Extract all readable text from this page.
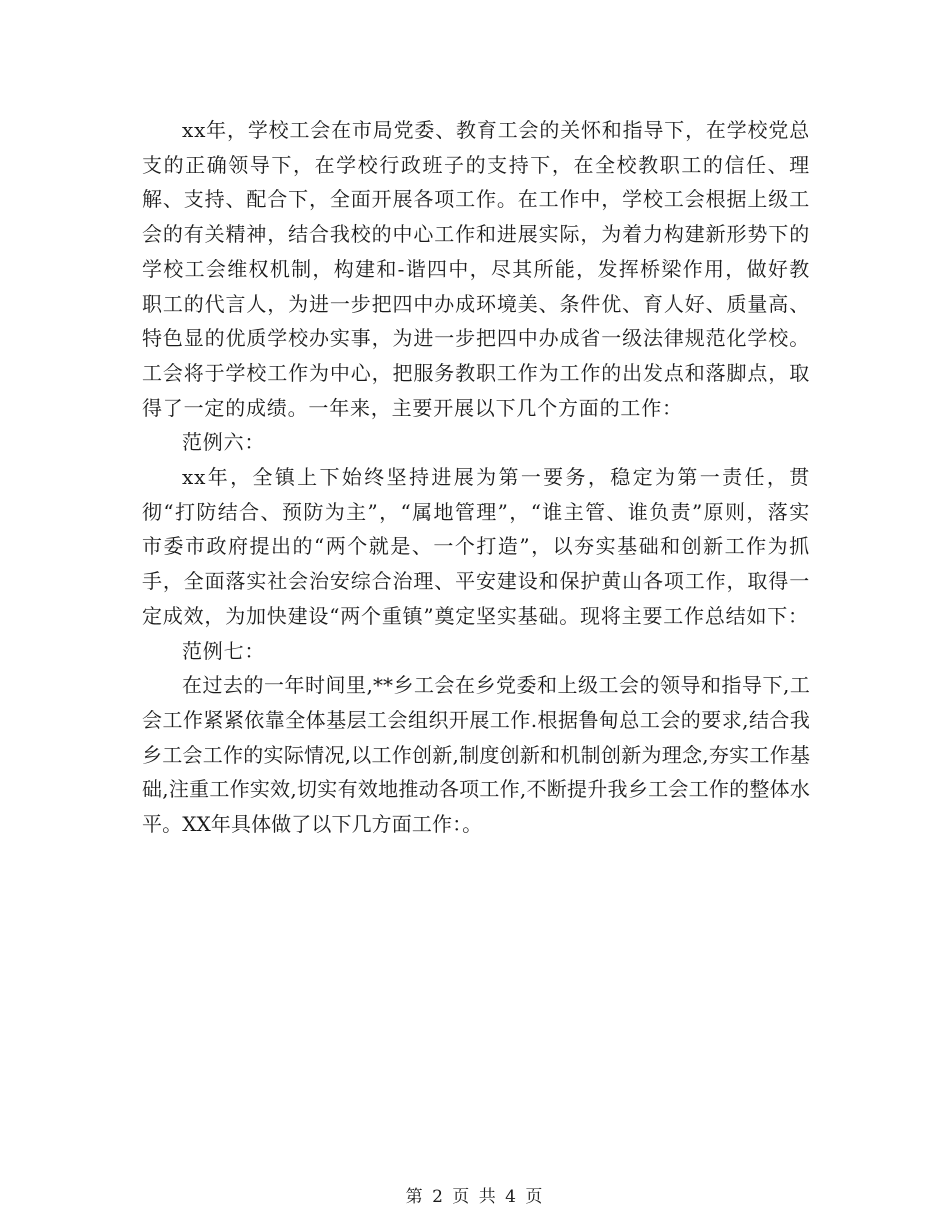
xx年，学校工会在市局党委、教育工会的关怀和指导下，在学校党总支的正确领导下，在学校行政班子的支持下，在全校教职工的信任、理解、支持、配合下，全面开展各项工作。在工作中，学校工会根据上级工会的有关精神，结合我校的中心工作和进展实际，为着力构建新形势下的学校工会维权机制，构建和-谐四中，尽其所能，发挥桥梁作用，做好教职工的代言人，为进一步把四中办成环境美、条件优、育人好、质量高、特色显的优质学校办实事，为进一步把四中办成省一级法律规范化学校。工会将于学校工作为中心，把服务教职工作为工作的出发点和落脚点，取得了一定的成绩。一年来，主要开展以下几个方面的工作：

范例六：

xx年，全镇上下始终坚持进展为第一要务，稳定为第一责任，贯彻“打防结合、预防为主”，“属地管理”，“谁主管、谁负责”原则，落实市委市政府提出的“两个就是、一个打造”，以夯实基础和创新工作为抓手，全面落实社会治安综合治理、平安建设和保护黄山各项工作，取得一定成效，为加快建设“两个重镇”奠定坚实基础。现将主要工作总结如下：

范例七：

在过去的一年时间里,**乡工会在乡党委和上级工会的领导和指导下,工会工作紧紧依靠全体基层工会组织开展工作.根据鲁甸总工会的要求,结合我乡工会工作的实际情况,以工作创新,制度创新和机制创新为理念,夯实工作基础,注重工作实效,切实有效地推动各项工作,不断提升我乡工会工作的整体水平。XX年具体做了以下几方面工作：。

第 2 页 共 4 页
